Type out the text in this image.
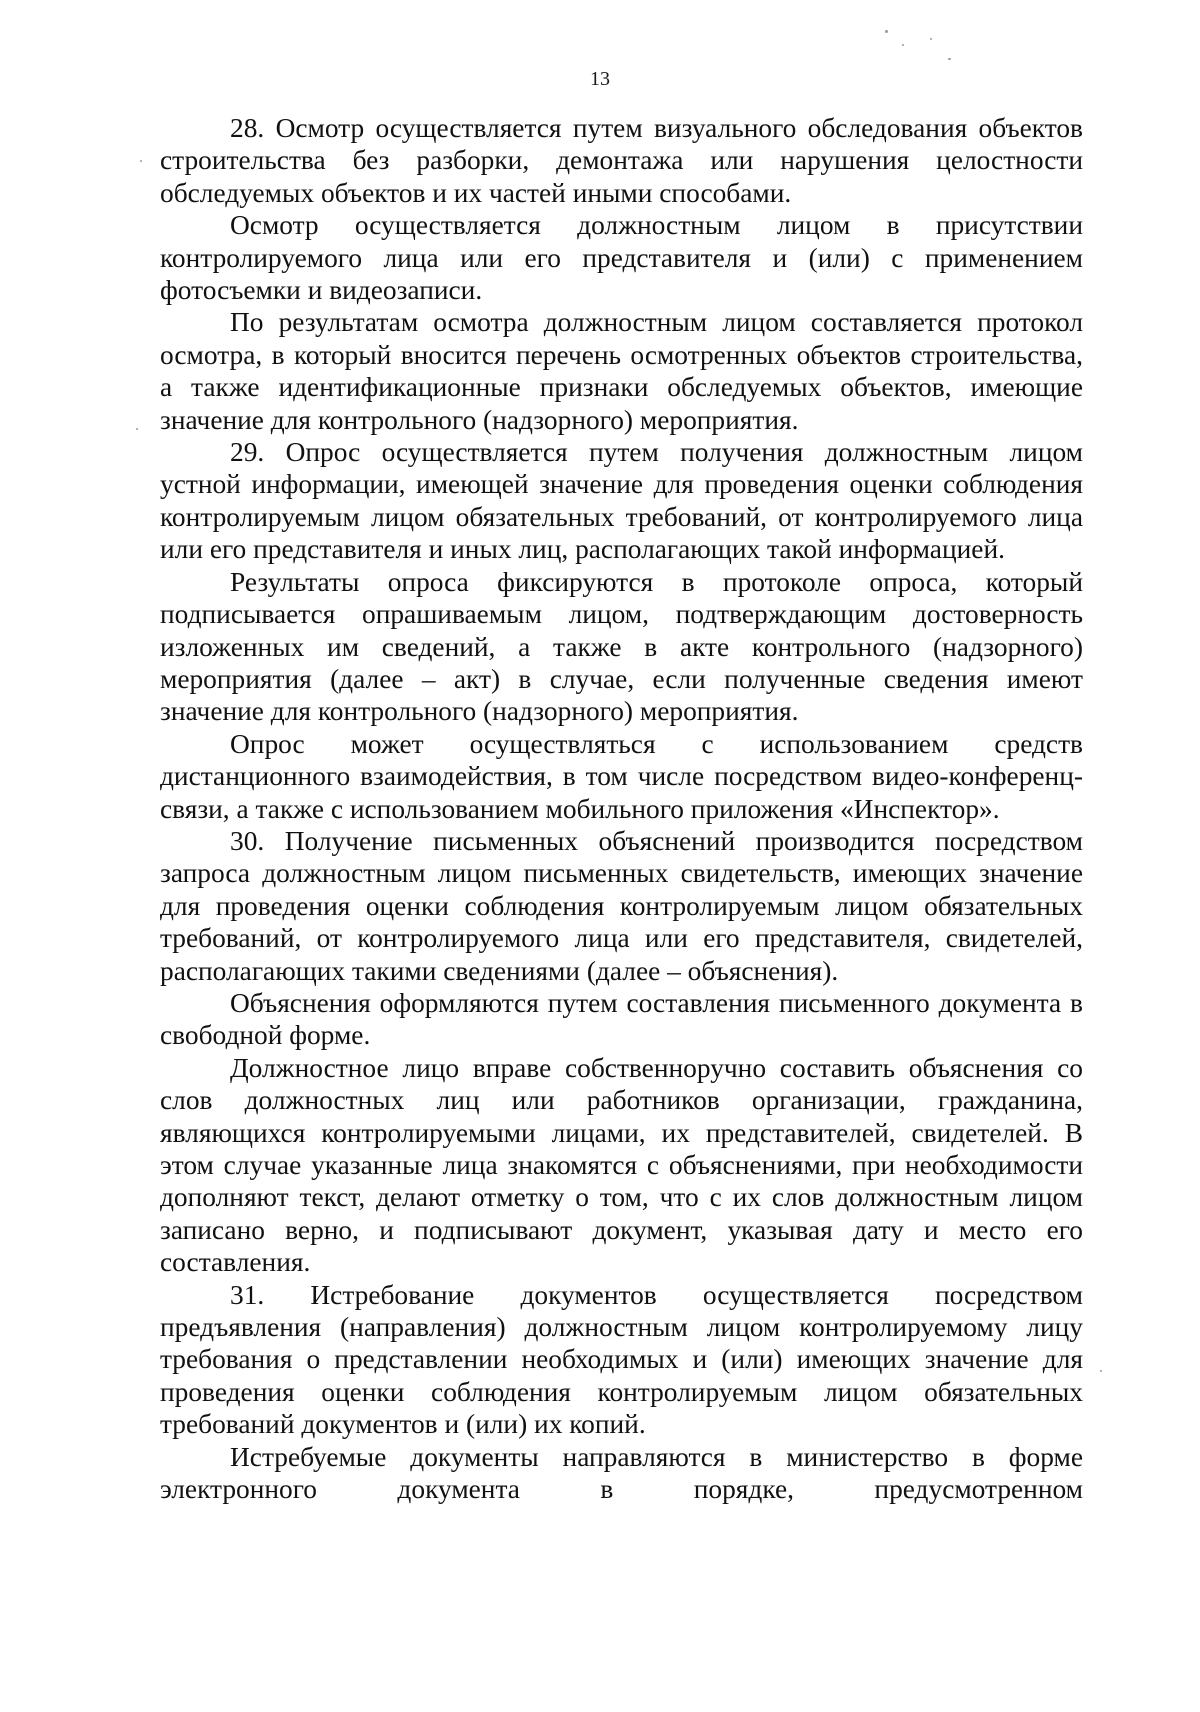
13

28. Осмотр осуществляется путем визуального обследования объектов строительства без разборки, демонтажа или нарушения целостности обследуемых объектов и их частей иными способами.

Осмотр осуществляется должностным лицом в присутствии контролируемого лица или его представителя и (или) с применением фотосъемки и видеозаписи.

По результатам осмотра должностным лицом составляется протокол осмотра, в который вносится перечень осмотренных объектов строительства, а также идентификационные признаки обследуемых объектов, имеющие значение для контрольного (надзорного) мероприятия.

29. Опрос осуществляется путем получения должностным лицом устной информации, имеющей значение для проведения оценки соблюдения контролируемым лицом обязательных требований, от контролируемого лица или его представителя и иных лиц, располагающих такой информацией.

Результаты опроса фиксируются в протоколе опроса, который подписывается опрашиваемым лицом, подтверждающим достоверность изложенных им сведений, а также в акте контрольного (надзорного) мероприятия (далее – акт) в случае, если полученные сведения имеют значение для контрольного (надзорного) мероприятия.

Опрос может осуществляться с использованием средств дистанционного взаимодействия, в том числе посредством видео-конференц-связи, а также с использованием мобильного приложения «Инспектор».

30. Получение письменных объяснений производится посредством запроса должностным лицом письменных свидетельств, имеющих значение для проведения оценки соблюдения контролируемым лицом обязательных требований, от контролируемого лица или его представителя, свидетелей, располагающих такими сведениями (далее – объяснения).

Объяснения оформляются путем составления письменного документа в свободной форме.

Должностное лицо вправе собственноручно составить объяснения со слов должностных лиц или работников организации, гражданина, являющихся контролируемыми лицами, их представителей, свидетелей. В этом случае указанные лица знакомятся с объяснениями, при необходимости дополняют текст, делают отметку о том, что с их слов должностным лицом записано верно, и подписывают документ, указывая дату и место его составления.

31. Истребование документов осуществляется посредством предъявления (направления) должностным лицом контролируемому лицу требования о представлении необходимых и (или) имеющих значение для проведения оценки соблюдения контролируемым лицом обязательных требований документов и (или) их копий.

Истребуемые документы направляются в министерство в форме электронного документа в порядке, предусмотренном
